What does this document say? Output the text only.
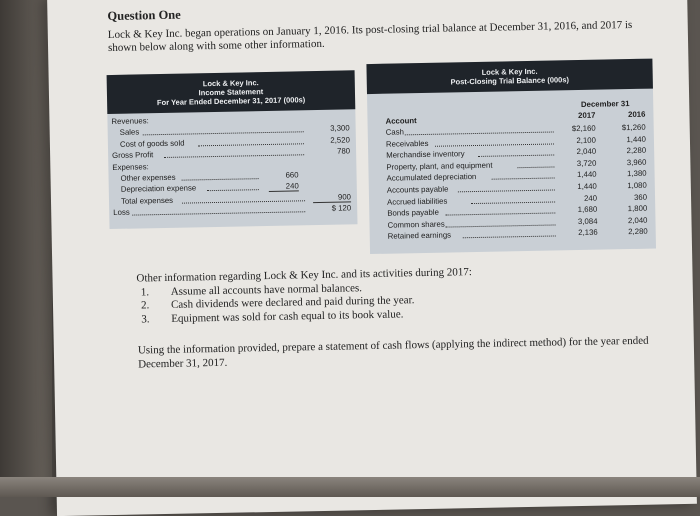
Question One
Lock & Key Inc. began operations on January 1, 2016. Its post-closing trial balance at December 31, 2016, and 2017 is shown below along with some other information.
Lock & Key Inc.
Income Statement
For Year Ended December 31, 2017 (000s)
Revenues:
Sales	3,300
Cost of goods sold	2,520
Gross Profit	780
Expenses:
Other expenses	660
Depreciation expense	240
Total expenses	900
Loss	$ 120
Lock & Key Inc.
Post-Closing Trial Balance (000s)
December 31
2017	2016
Account
Cash	$2,160	$1,260
Receivables	2,100	1,440
Merchandise inventory	2,040	2,280
Property, plant, and equipment	3,720	3,960
Accumulated depreciation	1,440	1,380
Accounts payable	1,440	1,080
Accrued liabilities	240	360
Bonds payable	1,680	1,800
Common shares	3,084	2,040
Retained earnings	2,136	2,280
Other information regarding Lock & Key Inc. and its activities during 2017:
1. Assume all accounts have normal balances.
2. Cash dividends were declared and paid during the year.
3. Equipment was sold for cash equal to its book value.
Using the information provided, prepare a statement of cash flows (applying the indirect method) for the year ended December 31, 2017.
